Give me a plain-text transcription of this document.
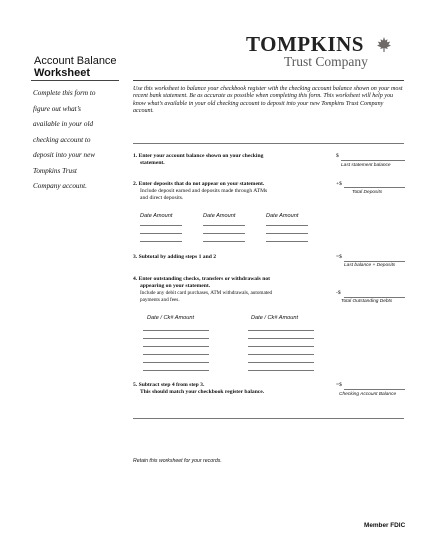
Account Balance
Worksheet
TOMPKINS
Trust Company
Complete this form to
figure out what’s
available in your old
checking account to
deposit into your new
Tompkins Trust
Company account.
Use this worksheet to balance your checkbook register with the checking account balance shown on your most recent bank statement. Be as accurate as possible when completing this form. This worksheet will help you know what’s available in your old checking account to deposit into your new Tompkins Trust Company account.
1. Enter your account balance shown on your checking
statement.
$
Last statement balance
2. Enter deposits that do not appear on your statement.
Include deposit earned and deposits made through ATMs
and direct deposits.
+$
Total Deposits
Date Amount	Date Amount	Date Amount
3. Subtotal by adding steps 1 and 2	=$
Last balance + Deposits
4. Enter outstanding checks, transfers or withdrawals not
appearing on your statement.
Include any debit card purchases, ATM withdrawals, automated
payments and fees.
-$
Total Outstanding Debts
Date / Ck# Amount	Date / Ck# Amount
5. Subtract step 4 from step 3.
This should match your checkbook register balance.
=$
Checking Account Balance
Retain this worksheet for your records.
Member FDIC
